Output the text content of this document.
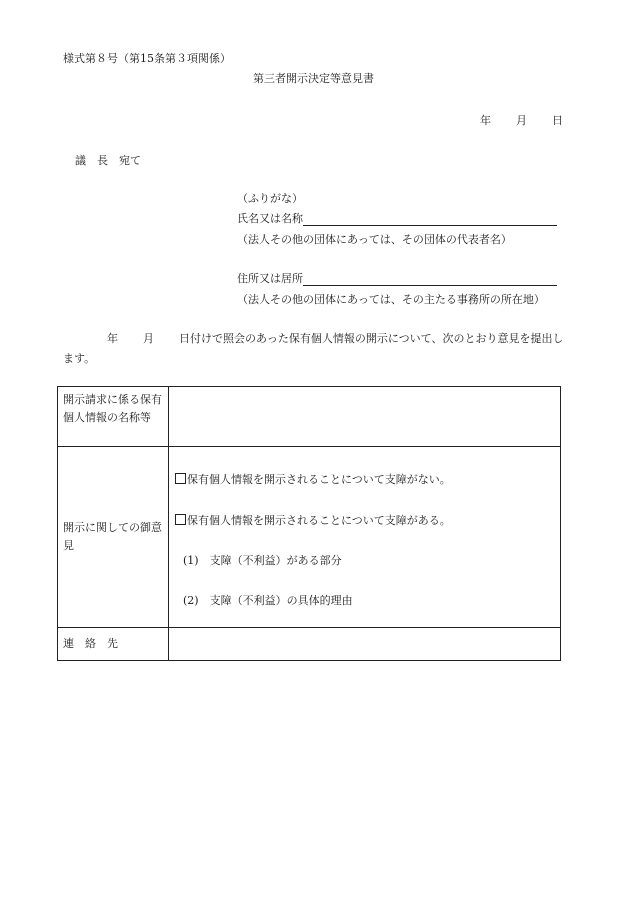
様式第８号（第15条第３項関係）
第三者開示決定等意見書
年 月 日
議　長　宛て
（ふりがな）
氏名又は名称
（法人その他の団体にあっては、その団体の代表者名）
住所又は居所
（法人その他の団体にあっては、その主たる事務所の所在地）
年 月 日付けで照会のあった保有個人情報の開示について、次のとおり意見を提出します。
開示請求に係る保有個人情報の名称等	
開示に関しての御意見	保有個人情報を開示されることについて支障がない。
保有個人情報を開示されることについて支障がある。
(1)　支障（不利益）がある部分
(2)　支障（不利益）の具体的理由

連　絡　先	
